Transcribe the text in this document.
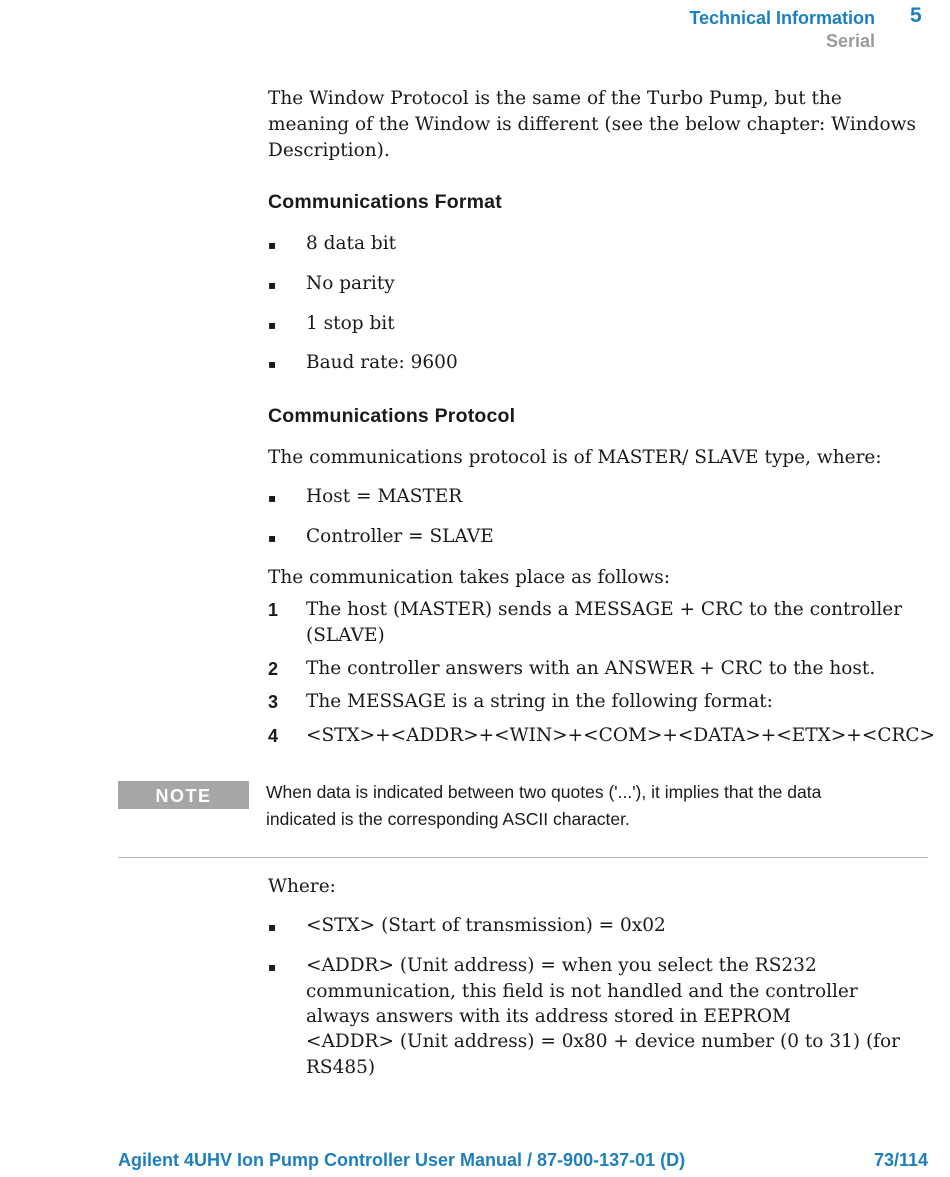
Technical Information 5
Serial
The Window Protocol is the same of the Turbo Pump, but the
meaning of the Window is different (see the below chapter: Windows
Description).
Communications Format
▪ 8 data bit
▪ No parity
▪ 1 stop bit
▪ Baud rate: 9600
Communications Protocol
The communications protocol is of MASTER/ SLAVE type, where:
▪ Host = MASTER
▪ Controller = SLAVE
The communication takes place as follows:
1 The host (MASTER) sends a MESSAGE + CRC to the controller
(SLAVE)
2 The controller answers with an ANSWER + CRC to the host.
3 The MESSAGE is a string in the following format:
4 <STX>+<ADDR>+<WIN>+<COM>+<DATA>+<ETX>+<CRC>
NOTE	When data is indicated between two quotes ('...'), it implies that the data
indicated is the corresponding ASCII character.
Where:
▪ <STX> (Start of transmission) = 0x02
▪ <ADDR> (Unit address) = when you select the RS232
communication, this field is not handled and the controller
always answers with its address stored in EEPROM
<ADDR> (Unit address) = 0x80 + device number (0 to 31) (for
RS485)
Agilent 4UHV Ion Pump Controller User Manual / 87-900-137-01 (D)	73/114
